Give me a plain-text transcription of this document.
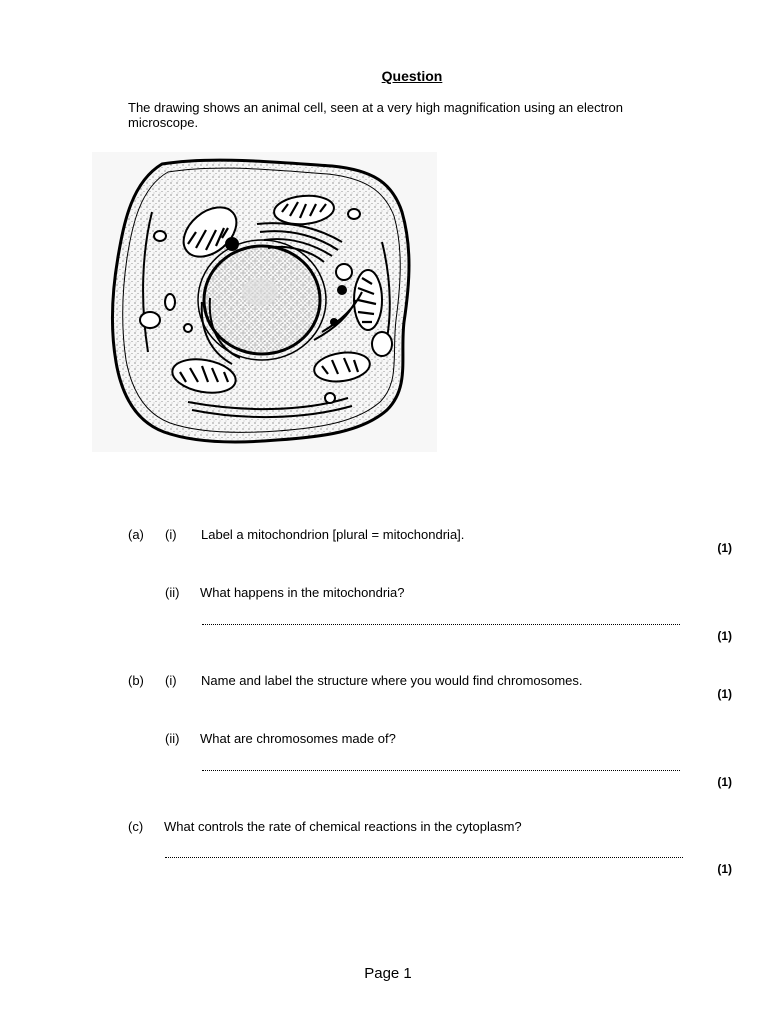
Question
The drawing shows an animal cell, seen at a very high magnification using an electron microscope.
(a) (i) Label a mitochondrion [plural = mitochondria].
(1)
(ii) What happens in the mitochondria?
(1)
(b) (i) Name and label the structure where you would find chromosomes.
(1)
(ii) What are chromosomes made of?
(1)
(c) What controls the rate of chemical reactions in the cytoplasm?
(1)
Page 1
